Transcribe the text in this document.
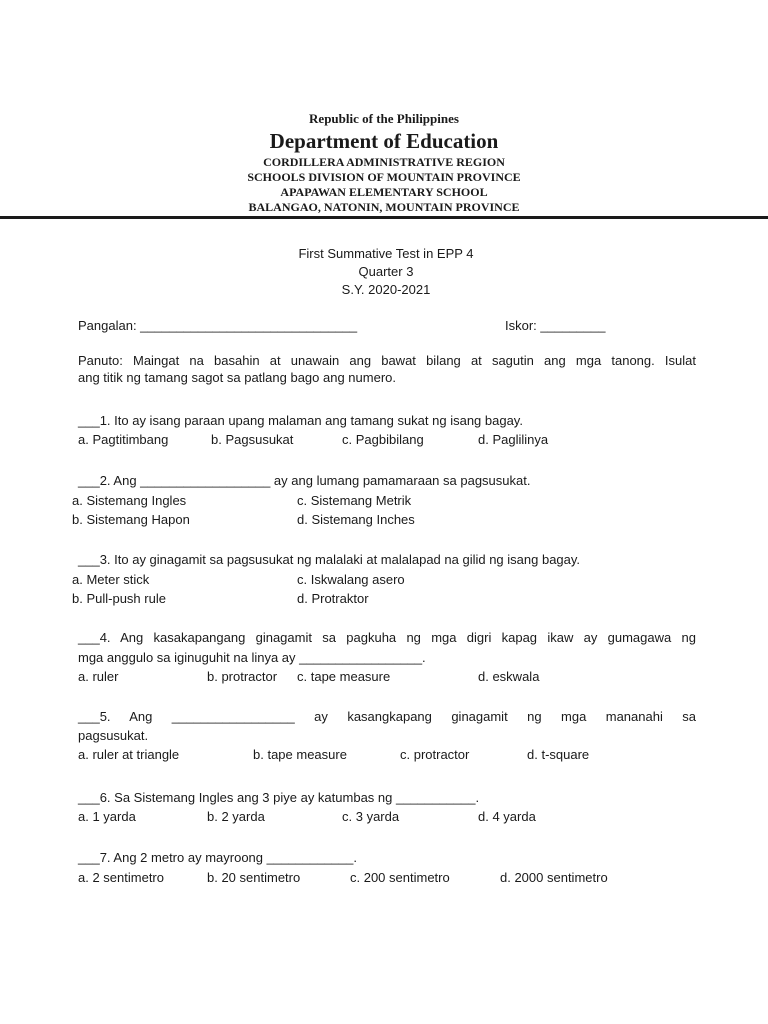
Republic of the Philippines
Department of Education
CORDILLERA ADMINISTRATIVE REGION
SCHOOLS DIVISION OF MOUNTAIN PROVINCE
APAPAWAN ELEMENTARY SCHOOL
BALANGAO, NATONIN, MOUNTAIN PROVINCE
First Summative Test in EPP 4
Quarter 3
S.Y. 2020-2021
Pangalan: ______________________________	Iskor: _________
Panuto: Maingat na basahin at unawain ang bawat bilang at sagutin ang mga tanong. Isulat
ang titik ng tamang sagot sa patlang bago ang numero.
___1. Ito ay isang paraan upang malaman ang tamang sukat ng isang bagay.
a. Pagtitimbang	b. Pagsusukat	c. Pagbibilang	d. Paglilinya
___2. Ang __________________ ay ang lumang pamamaraan sa pagsusukat.
a. Sistemang Ingles	c. Sistemang Metrik
b. Sistemang Hapon	d. Sistemang Inches
___3. Ito ay ginagamit sa pagsusukat ng malalaki at malalapad na gilid ng isang bagay.
a. Meter stick	c. Iskwalang asero
b. Pull-push rule	d. Protraktor
___4. Ang kasakapangang ginagamit sa pagkuha ng mga digri kapag ikaw ay gumagawa ng
mga anggulo sa iginuguhit na linya ay _________________.
a. ruler	b. protractor c. tape measure	d. eskwala
___5. Ang _________________ ay kasangkapang ginagamit ng mga mananahi sa
pagsusukat.
a. ruler at triangle	b. tape measure	c. protractor	d. t-square
___6. Sa Sistemang Ingles ang 3 piye ay katumbas ng ___________.
a. 1 yarda	b. 2 yarda	c. 3 yarda	d. 4 yarda
___7. Ang 2 metro ay mayroong ____________.
a. 2 sentimetro	b. 20 sentimetro	c. 200 sentimetro	d. 2000 sentimetro
